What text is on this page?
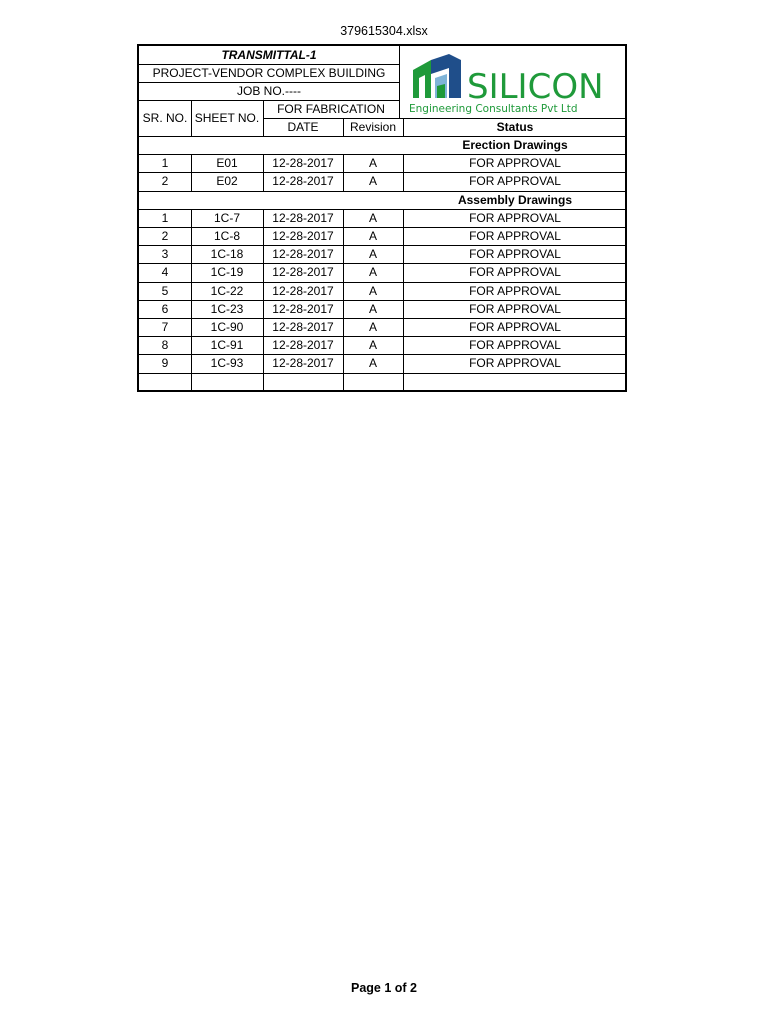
379615304.xlsx
TRANSMITTAL-1
PROJECT-VENDOR COMPLEX BUILDING
JOB NO.----
FOR FABRICATION
SR. NO. SHEET NO.
DATE	Revision	Status
SILICON
Engineering Consultants Pvt Ltd
Erection Drawings
1	E01	12-28-2017	A	FOR APPROVAL
2	E02	12-28-2017	A	FOR APPROVAL
Assembly Drawings
1	1C-7	12-28-2017	A	FOR APPROVAL
2	1C-8	12-28-2017	A	FOR APPROVAL
3	1C-18	12-28-2017	A	FOR APPROVAL
4	1C-19	12-28-2017	A	FOR APPROVAL
5	1C-22	12-28-2017	A	FOR APPROVAL
6	1C-23	12-28-2017	A	FOR APPROVAL
7	1C-90	12-28-2017	A	FOR APPROVAL
8	1C-91	12-28-2017	A	FOR APPROVAL
9	1C-93	12-28-2017	A	FOR APPROVAL
Page 1 of 2
